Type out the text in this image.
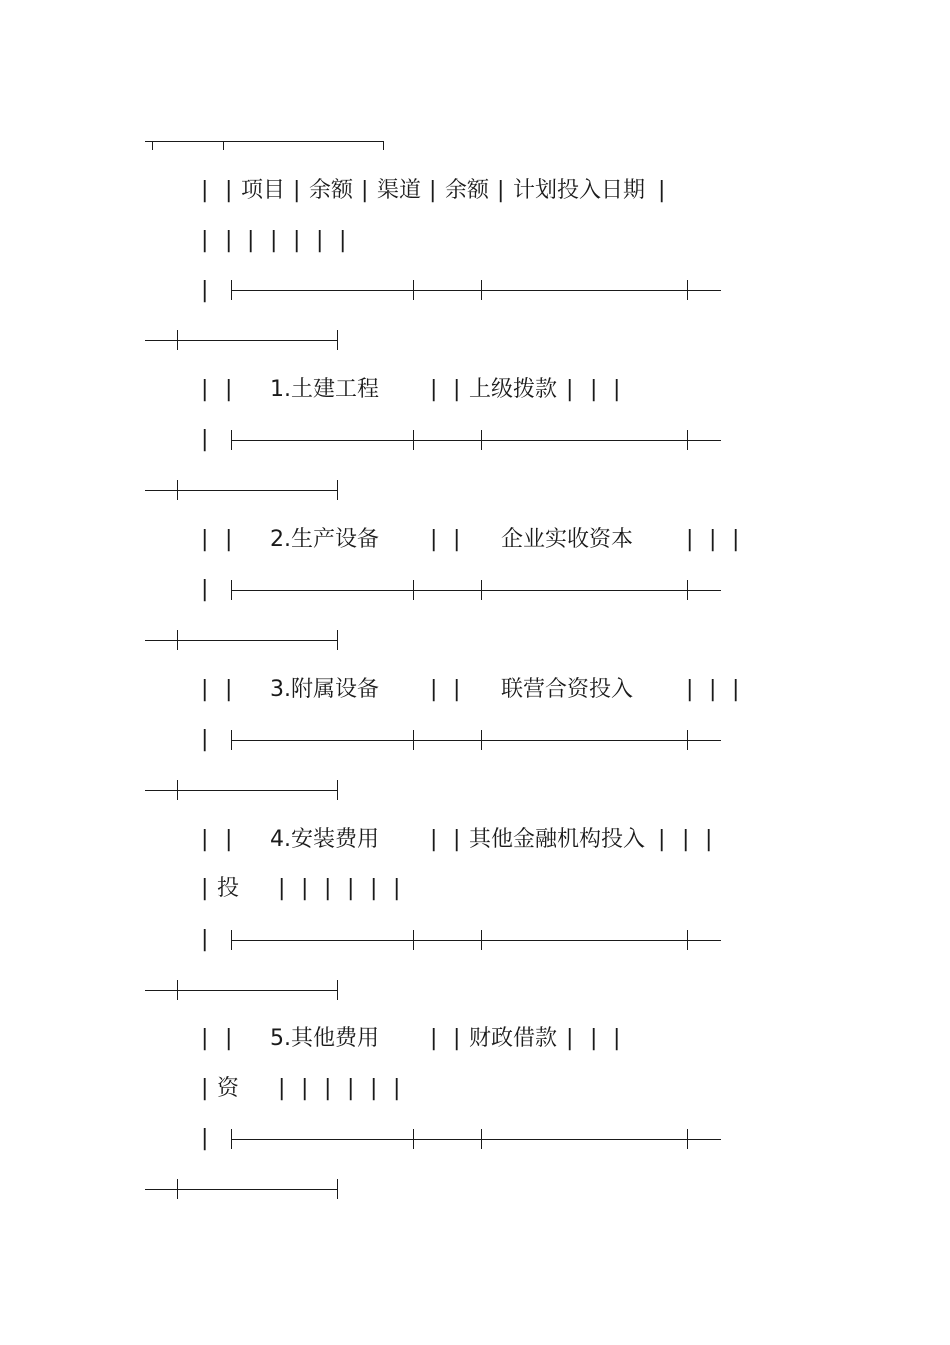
| | 项目 | 余额 | 渠道 | 余额 | 计划投入日期 |
| | | | | | |
|
| | 1.土建工程 | | 上级拨款 | | |
|
| | 2.生产设备 | | 企业实收资本 | | |
|
| | 3.附属设备 | | 联营合资投入 | | |
|
| | 4.安装费用 | | 其他金融机构投入 | | |
| 投 | | | | | |
|
| | 5.其他费用 | | 财政借款 | | |
| 资 | | | | | |
|
